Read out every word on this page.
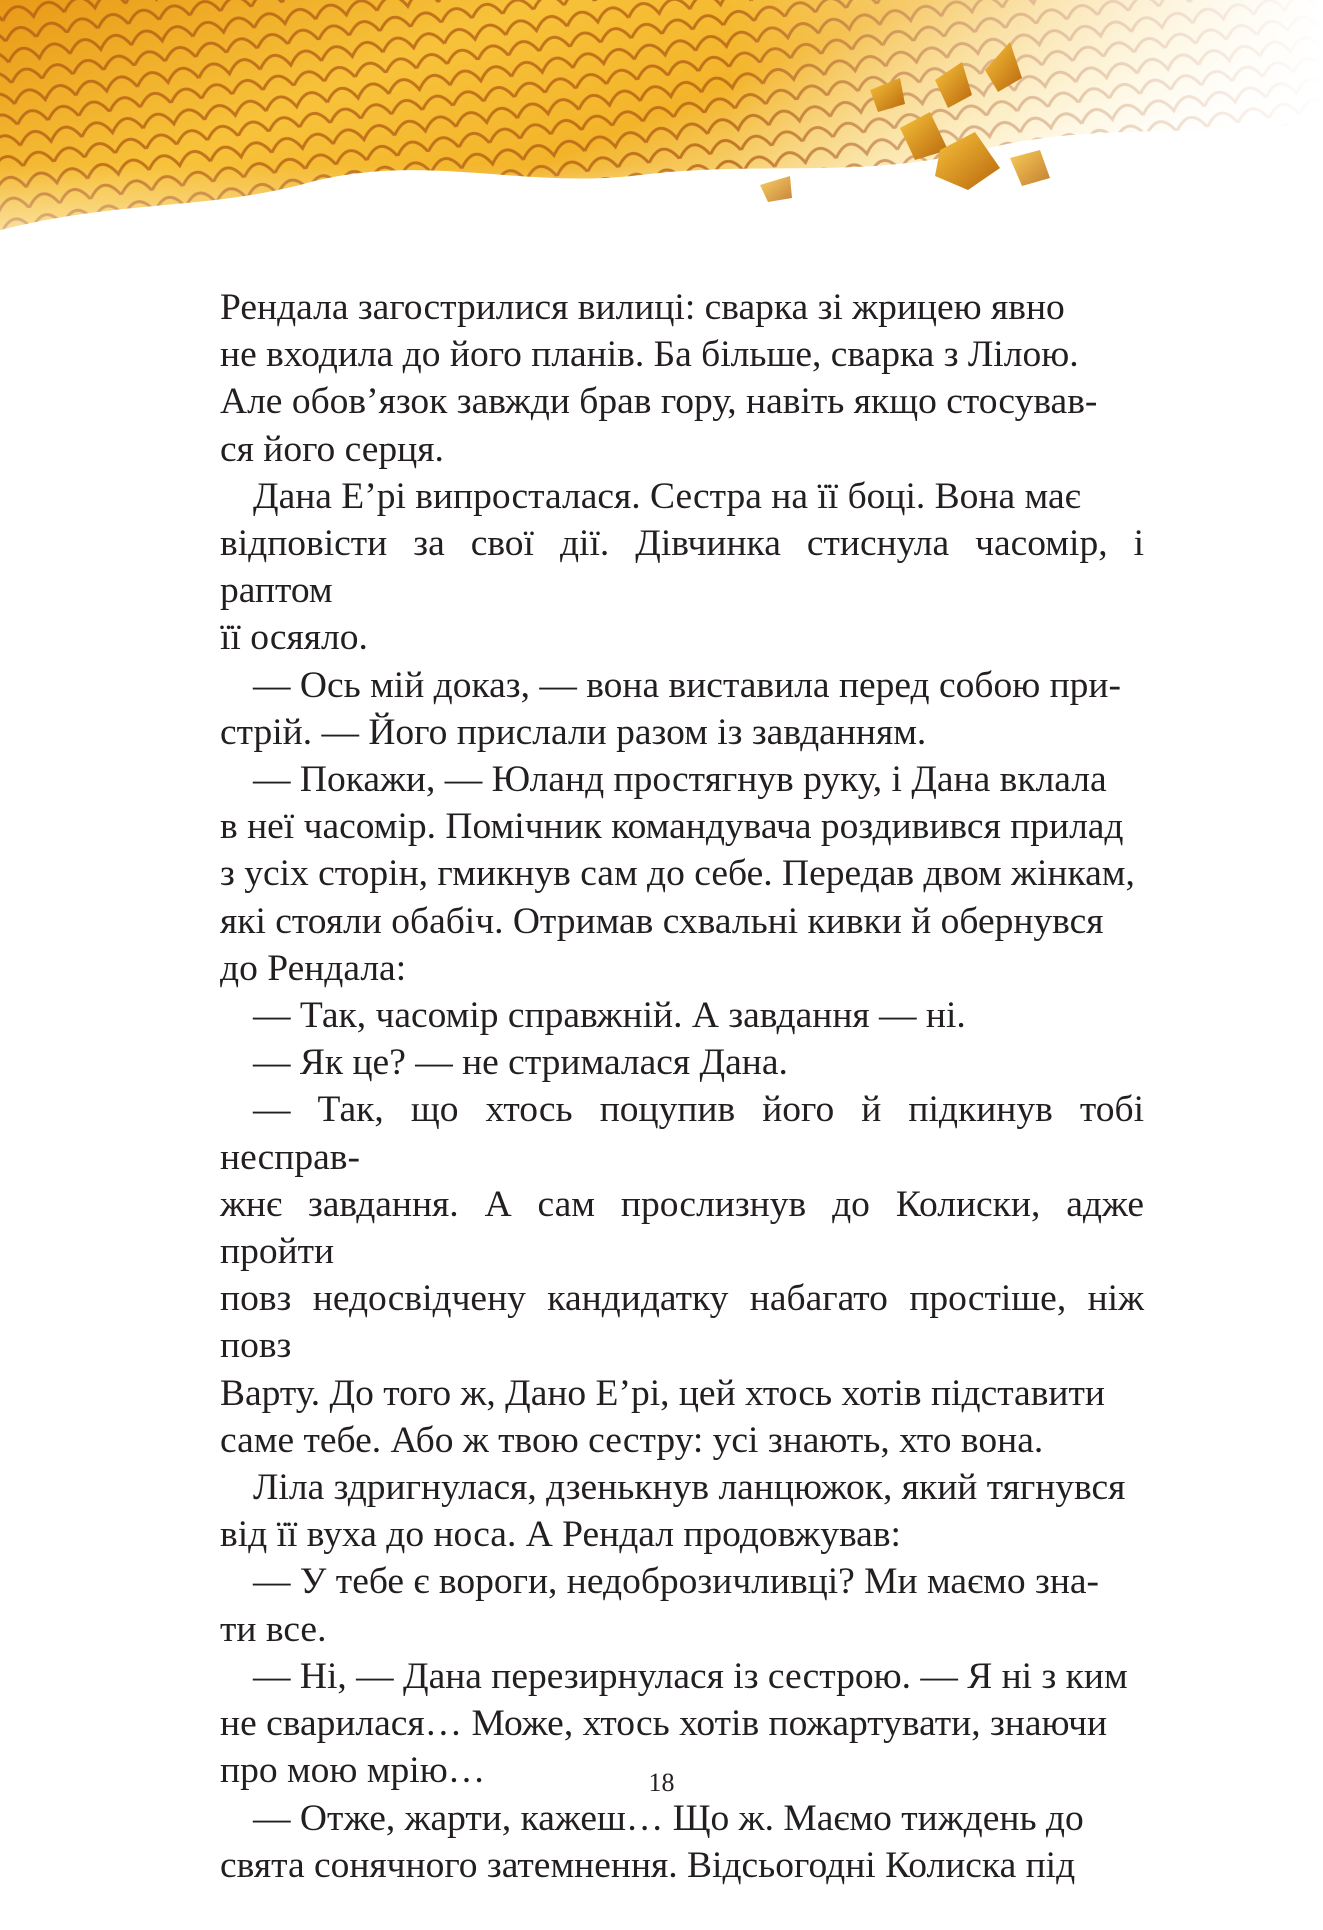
Рендала загострилися вилиці: сварка зі жрицею явно
не входила до його планів. Ба більше, сварка з Лілою.
Але обов’язок завжди брав гору, навіть якщо стосував-
ся його серця.

Дана Е’рі випросталася. Сестра на її боці. Вона має
відповісти за свої дії. Дівчинка стиснула часомір, і раптом
її осяяло.

— Ось мій доказ, — вона виставила перед собою при-
стрій. — Його прислали разом із завданням.

— Покажи, — Юланд простягнув руку, і Дана вклала
в неї часомір. Помічник командувача роздивився прилад
з усіх сторін, гмикнув сам до себе. Передав двом жінкам,
які стояли обабіч. Отримав схвальні кивки й обернувся
до Рендала:

— Так, часомір справжній. А завдання — ні.

— Як це? — не стрималася Дана.

— Так, що хтось поцупив його й підкинув тобі несправ-
жнє завдання. А сам прослизнув до Колиски, адже пройти
повз недосвідчену кандидатку набагато простіше, ніж повз
Варту. До того ж, Дано Е’рі, цей хтось хотів підставити
саме тебе. Або ж твою сестру: усі знають, хто вона.

Ліла здригнулася, дзенькнув ланцюжок, який тягнувся
від її вуха до носа. А Рендал продовжував:

— У тебе є вороги, недоброзичливці? Ми маємо зна-
ти все.

— Ні, — Дана перезирнулася із сестрою. — Я ні з ким
не сварилася… Може, хтось хотів пожартувати, знаючи
про мою мрію…

— Отже, жарти, кажеш… Що ж. Маємо тиждень до
свята сонячного затемнення. Відсьогодні Колиска під

18
